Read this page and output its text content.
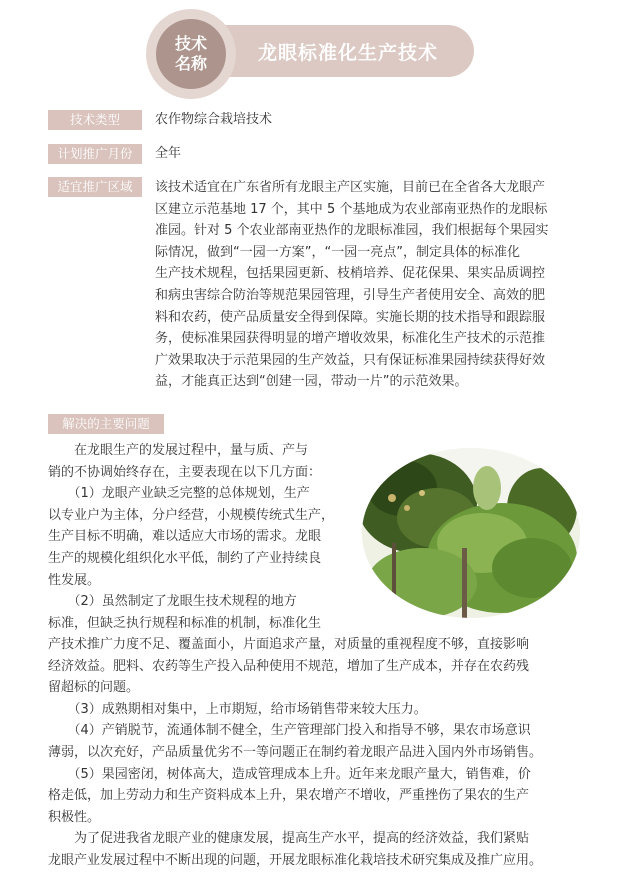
技术
名称	龙眼标准化生产技术
技术类型	农作物综合栽培技术
计划推广月份	全年
适宜推广区域	该技术适宜在广东省所有龙眼主产区实施，目前已在全省各大龙眼产
区建立示范基地 17 个，其中 5 个基地成为农业部南亚热作的龙眼标
准园。针对 5 个农业部南亚热作的龙眼标准园，我们根据每个果园实
际情况，做到“一园一方案”，“一园一亮点”，制定具体的标准化
生产技术规程，包括果园更新、枝梢培养、促花保果、果实品质调控
和病虫害综合防治等规范果园管理，引导生产者使用安全、高效的肥
料和农药，使产品质量安全得到保障。实施长期的技术指导和跟踪服
务，使标准果园获得明显的增产增收效果，标准化生产技术的示范推
广效果取决于示范果园的生产效益，只有保证标准果园持续获得好效
益，才能真正达到“创建一园，带动一片”的示范效果。
解决的主要问题
　　在龙眼生产的发展过程中，量与质、产与
销的不协调始终存在，主要表现在以下几方面：
　　（1）龙眼产业缺乏完整的总体规划，生产
以专业户为主体，分户经营，小规模传统式生产，
生产目标不明确，难以适应大市场的需求。龙眼
生产的规模化组织化水平低，制约了产业持续良
性发展。
　　（2）虽然制定了龙眼生技术规程的地方
标准，但缺乏执行规程和标准的机制，标准化生
产技术推广力度不足、覆盖面小，片面追求产量，对质量的重视程度不够，直接影响
经济效益。肥料、农药等生产投入品种使用不规范，增加了生产成本，并存在农药残
留超标的问题。
　　（3）成熟期相对集中，上市期短，给市场销售带来较大压力。
　　（4）产销脱节，流通体制不健全，生产管理部门投入和指导不够，果农市场意识
薄弱，以次充好，产品质量优劣不一等问题正在制约着龙眼产品进入国内外市场销售。
　　（5）果园密闭，树体高大，造成管理成本上升。近年来龙眼产量大，销售难，价
格走低，加上劳动力和生产资料成本上升，果农增产不增收，严重挫伤了果农的生产
积极性。
　　为了促进我省龙眼产业的健康发展，提高生产水平，提高的经济效益，我们紧贴
龙眼产业发展过程中不断出现的问题，开展龙眼标准化栽培技术研究集成及推广应用。
